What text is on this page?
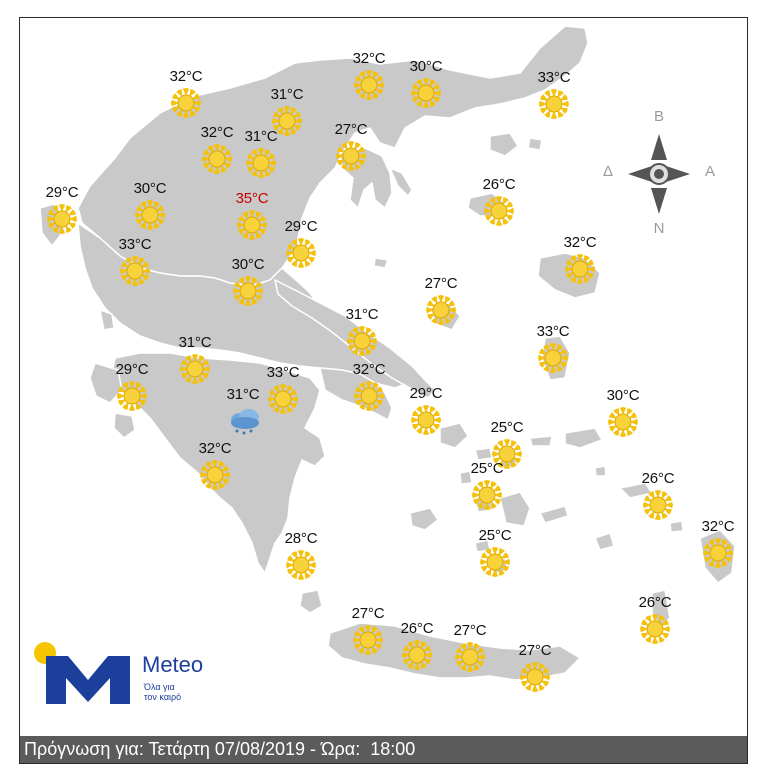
32°C 30°C
33°C
32°C
31°C
32°C 31°C	27°C
29°C	30°C
35°C
29°C
26°C
33°C
30°C
32°C
27°C
31°C
33°C
31°C
29°C	33°C
31°C
32°C
29°C	30°C
25°C
25°C
32°C
26°C
25°C
28°C
32°C
26°C
27°C
26°C 27°C
27°C
B
N
Δ	A
Meteo
Όλα για
τον καιρό
Πρόγνωση για: Τετάρτη 07/08/2019 - Ώρα:  18:00
